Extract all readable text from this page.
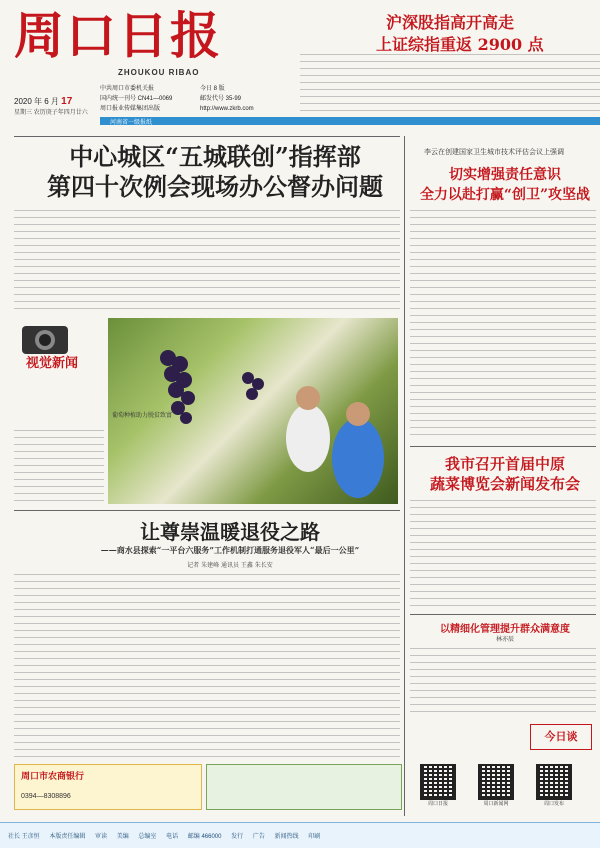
周口日报
ZHOUKOU RIBAO
中共周口市委机关报
国内统一刊号 CN41—0069
周口报业传媒集团出版
今日 8 版
邮发代号 35-99
http://www.zkrb.com
2020 年 6 月 17
星期三 农历庚子年四月廿六
河南省一级报纸
沪深股指高开高走
上证综指重返 2900 点
中心城区“五城联创”指挥部
第四十次例会现场办公督办问题
李云在创建国家卫生城市技术评估会议上强调
切实增强责任意识
全力以赴打赢“创卫”攻坚战
视觉新闻
葡萄种植助力脱贫致富
让尊崇温暖退役之路
——商水县探索“一平台六服务”工作机制打通服务退役军人“最后一公里”
记者 朱建峰 通讯员 王鑫 朱长安
我市召开首届中原
蔬菜博览会新闻发布会
以精细化管理提升群众满意度
林亦辰
今日谈
周口市农商银行
0394—8308896
周口日报	周口新闻网	周口发布
社长 王彦恒 本版责任编辑 审读 美编 总编室 电话 邮编 466000 发行 广告 新闻热线 印刷
